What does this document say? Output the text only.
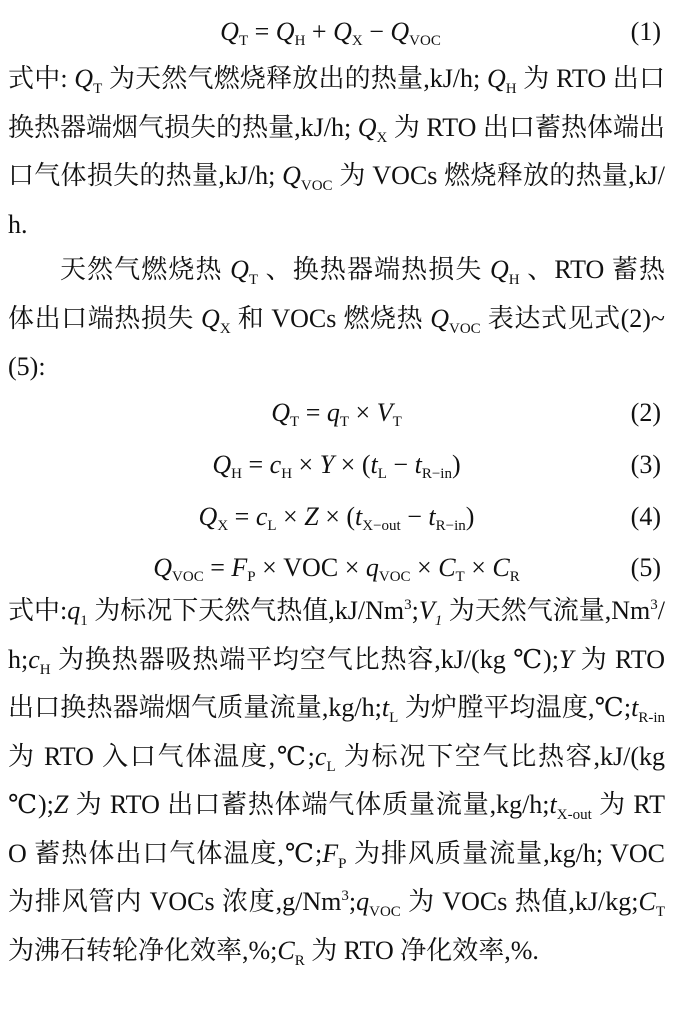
$Q_T = Q_H + Q_X - Q_{VOC}$	(1)
式中: $Q_T$ 为天然气燃烧释放出的热量,kJ/h; $Q_H$ 为 RTO 出口换热器端烟气损失的热量,kJ/h; $Q_X$ 为 RTO 出口蓄热体端出口气体损失的热量,kJ/h; $Q_{VOC}$ 为 VOCs 燃烧释放的热量,kJ/h.
天然气燃烧热 $Q_T$ 、换热器端热损失 $Q_H$ 、RTO 蓄热体出口端热损失 $Q_X$ 和 VOCs 燃烧热 $Q_{VOC}$ 表达式见式(2)~(5):
$Q_T = q_T \times V_T$	(2)
$Q_H = c_H \times Y \times (t_L - t_{R-in})$	(3)
$Q_X = c_L \times Z \times (t_{X-out} - t_{R-in})$	(4)
$Q_{VOC} = F_P$ × VOC × $q_{VOC} \times C_T \times C_R$	(5)
式中$:q_1$ 为标况下天然气热值$,kJ/Nm^3;V_1$ 为天然气流量$,Nm^3/h;c_H$ 为换热器吸热端平均空气比热容,kJ/(kg ℃);Y 为 RTO 出口换热器端烟气质量流量$,kg/h;t_L$ 为炉膛平均温度$,℃;t_{R-in}$ 为 RTO 入口气体温度$,℃;c_L$ 为标况下空气比热容,kJ/(kg ℃);Z 为 RTO 出口蓄热体端气体质量流量$,kg/h;t_{X-out}$ 为 RTO 蓄热体出口气体温度$,℃;F_P$ 为排风质量流量,kg/h; VOC 为排风管内 VOCs 浓度$,g/Nm^3;q_{VOC}$ 为 VOCs 热值$,kJ/kg;C_T$ 为沸石转轮净化效率$,\%;C_R$ 为 RTO 净化效率,%.
